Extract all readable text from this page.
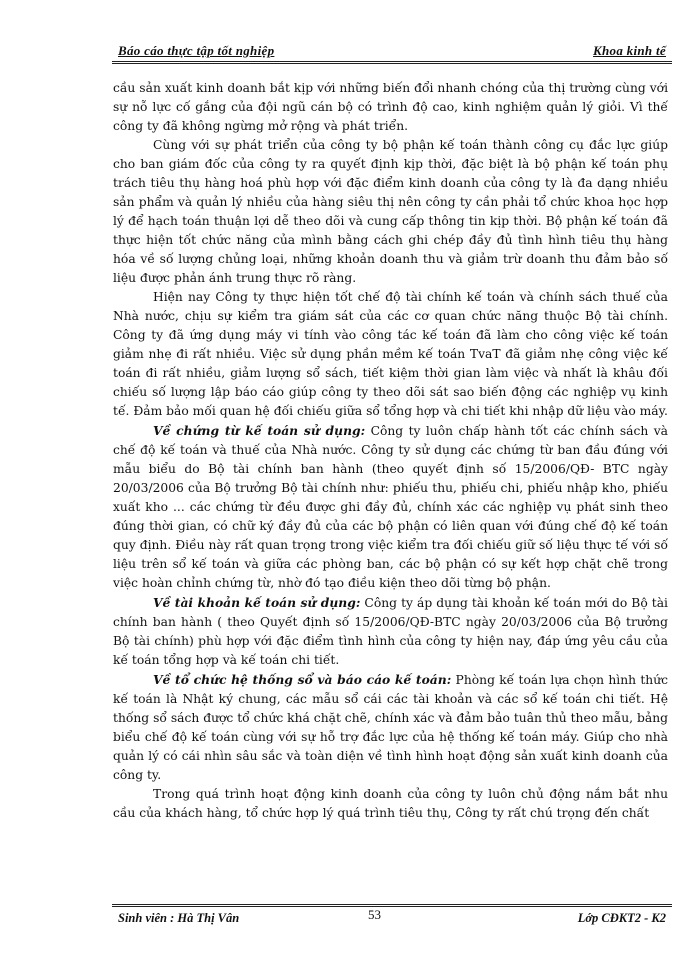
Báo cáo thực tập tốt nghiệp	Khoa kinh tế

cầu sản xuất kinh doanh bắt kịp với những biến đổi nhanh chóng của thị trường cùng với sự nỗ lực cố gắng của đội ngũ cán bộ có trình độ cao, kinh nghiệm quản lý giỏi. Vì thế công ty đã không ngừng mở rộng và phát triển.

Cùng với sự phát triển của công ty bộ phận kế toán thành công cụ đắc lực giúp cho ban giám đốc của công ty ra quyết định kịp thời, đặc biệt là bộ phận kế toán phụ trách tiêu thụ hàng hoá phù hợp với đặc điểm kinh doanh của công ty là đa dạng nhiều sản phẩm và quản lý nhiều của hàng siêu thị nên công ty cần phải tổ chức khoa học hợp lý để hạch toán thuận lợi dễ theo dõi và cung cấp thông tin kịp thời. Bộ phận kế toán đã thực hiện tốt chức năng của mình bằng cách ghi chép đầy đủ tình hình tiêu thụ hàng hóa về số lượng chủng loại, những khoản doanh thu và giảm trừ doanh thu đảm bảo số liệu được phản ánh trung thực rõ ràng.

Hiện nay Công ty thực hiện tốt chế độ tài chính kế toán và chính sách thuế của Nhà nước, chịu sự kiểm tra giám sát của các cơ quan chức năng thuộc Bộ tài chính. Công ty đã ứng dụng máy vi tính vào công tác kế toán đã làm cho công việc kế toán giảm nhẹ đi rất nhiều. Việc sử dụng phần mềm kế toán TvaT đã giảm nhẹ công việc kế toán đi rất nhiều, giảm lượng sổ sách, tiết kiệm thời gian làm việc và nhất là khâu đối chiếu số lượng lập báo cáo giúp công ty theo dõi sát sao biến động các nghiệp vụ kinh tế. Đảm bảo mối quan hệ đối chiếu giữa sổ tổng hợp và chi tiết khi nhập dữ liệu vào máy.

Về chứng từ kế toán sử dụng: Công ty luôn chấp hành tốt các chính sách và chế độ kế toán và thuế của Nhà nước. Công ty sử dụng các chứng từ ban đầu đúng với mẫu biểu do Bộ tài chính ban hành (theo quyết định số 15/2006/QĐ- BTC ngày 20/03/2006 của Bộ trưởng Bộ tài chính như: phiếu thu, phiếu chi, phiếu nhập kho, phiếu xuất kho ... các chứng từ đều được ghi đầy đủ, chính xác các nghiệp vụ phát sinh theo đúng thời gian, có chữ ký đầy đủ của các bộ phận có liên quan với đúng chế độ kế toán quy định. Điều này rất quan trọng trong việc kiểm tra đối chiếu giữ số liệu thực tế với số liệu trên sổ kế toán và giữa các phòng ban, các bộ phận có sự kết hợp chặt chẽ trong việc hoàn chỉnh chứng từ, nhờ đó tạo điều kiện theo dõi từng bộ phận.

Về tài khoản kế toán sử dụng: Công ty áp dụng tài khoản kế toán mới do Bộ tài chính ban hành ( theo Quyết định số 15/2006/QĐ-BTC ngày 20/03/2006 của Bộ trưởng Bộ tài chính) phù hợp với đặc điểm tình hình của công ty hiện nay, đáp ứng yêu cầu của kế toán tổng hợp và kế toán chi tiết.

Về tổ chức hệ thống sổ và báo cáo kế toán: Phòng kế toán lựa chọn hình thức kế toán là Nhật ký chung, các mẫu sổ cái các tài khoản và các sổ kế toán chi tiết. Hệ thống sổ sách được tổ chức khá chặt chẽ, chính xác và đảm bảo tuân thủ theo mẫu, bảng biểu chế độ kế toán cùng với sự hỗ trợ đắc lực của hệ thống kế toán máy. Giúp cho nhà quản lý có cái nhìn sâu sắc và toàn diện về tình hình hoạt động sản xuất kinh doanh của công ty.

Trong quá trình hoạt động kinh doanh của công ty luôn chủ động nắm bắt nhu cầu của khách hàng, tổ chức hợp lý quá trình tiêu thụ, Công ty rất chú trọng đến chất

Sinh viên : Hà Thị Vân	53	Lớp CĐKT2 - K2
